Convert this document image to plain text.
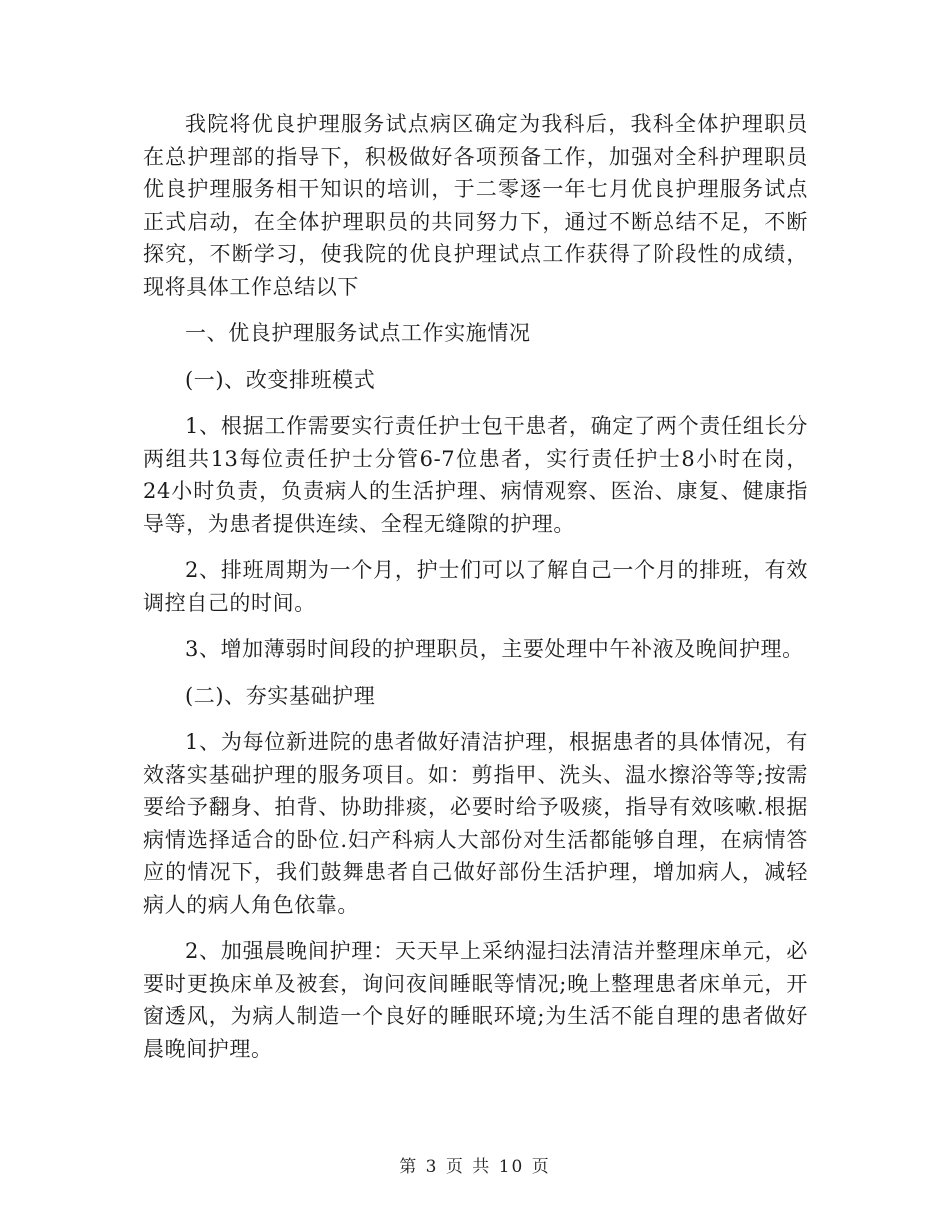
我院将优良护理服务试点病区确定为我科后，我科全体护理职员在总护理部的指导下，积极做好各项预备工作，加强对全科护理职员优良护理服务相干知识的培训，于二零逐一年七月优良护理服务试点正式启动，在全体护理职员的共同努力下，通过不断总结不足，不断探究，不断学习，使我院的优良护理试点工作获得了阶段性的成绩，现将具体工作总结以下

一、优良护理服务试点工作实施情况

(一)、改变排班模式

1、根据工作需要实行责任护士包干患者，确定了两个责任组长分两组共13每位责任护士分管6-7位患者，实行责任护士8小时在岗，24小时负责，负责病人的生活护理、病情观察、医治、康复、健康指导等，为患者提供连续、全程无缝隙的护理。

2、排班周期为一个月，护士们可以了解自己一个月的排班，有效调控自己的时间。

3、增加薄弱时间段的护理职员，主要处理中午补液及晚间护理。

(二)、夯实基础护理

1、为每位新进院的患者做好清洁护理，根据患者的具体情况，有效落实基础护理的服务项目。如：剪指甲、洗头、温水擦浴等等;按需要给予翻身、拍背、协助排痰，必要时给予吸痰，指导有效咳嗽.根据病情选择适合的卧位.妇产科病人大部份对生活都能够自理，在病情答应的情况下，我们鼓舞患者自己做好部份生活护理，增加病人，减轻病人的病人角色依靠。

2、加强晨晚间护理：天天早上采纳湿扫法清洁并整理床单元，必要时更换床单及被套，询问夜间睡眠等情况;晚上整理患者床单元，开窗透风，为病人制造一个良好的睡眠环境;为生活不能自理的患者做好晨晚间护理。

第 3 页 共 10 页
